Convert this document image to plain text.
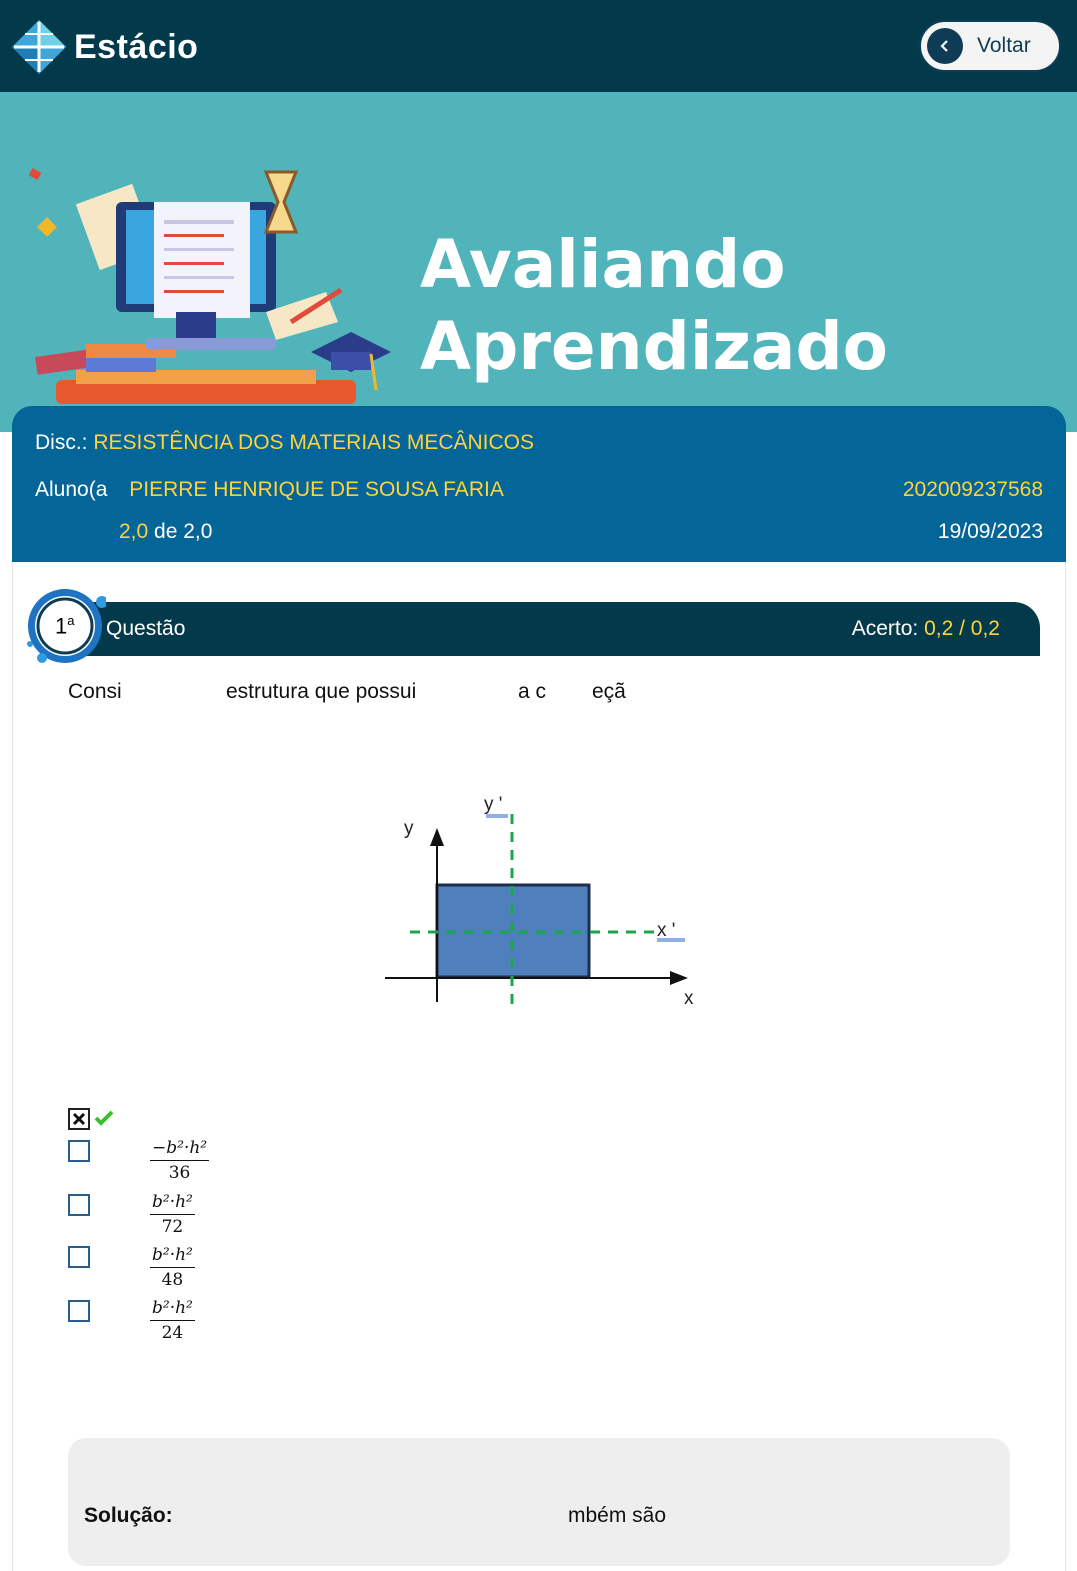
Estácio	Voltar
Avaliando
Aprendizado
Disc.: RESISTÊNCIA DOS MATERIAIS MECÂNICOS
Aluno(a PIERRE HENRIQUE DE SOUSA FARIA	202009237568
2,0 de 2,0	19/09/2023
Questão	Acerto: 0,2 / 0,2
1$^a$
Consi	estrutura que possui	a c eçã
y
y '
x
x '
$\frac{\text{−b²·h²}}{36}$
$\frac{\text{b²·h²}}{72}$
$\frac{\text{b²·h²}}{48}$
$\frac{\text{b²·h²}}{24}$
Solução:	mbém são
